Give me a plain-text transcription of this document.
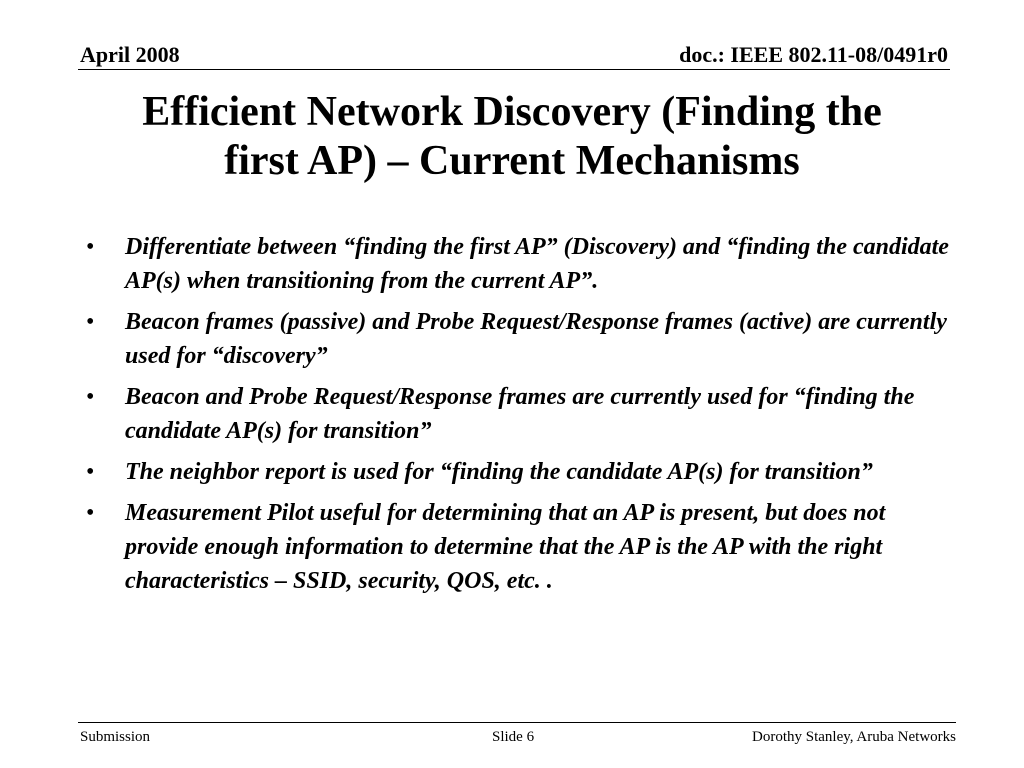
April 2008	doc.: IEEE 802.11-08/0491r0
Efficient Network Discovery (Finding the
first AP) – Current Mechanisms
• Differentiate between “finding the first AP” (Discovery) and “finding the candidate AP(s) when transitioning from the current AP”.
• Beacon frames (passive) and Probe Request/Response frames (active) are currently used for “discovery”
• Beacon and Probe Request/Response frames are currently used for “finding the candidate AP(s) for transition”
• The neighbor report is used for “finding the candidate AP(s) for transition”
• Measurement Pilot useful for determining that an AP is present, but does not provide enough information to determine that the AP is the AP with the right characteristics – SSID, security, QOS, etc. .
Submission	Slide 6	Dorothy Stanley, Aruba Networks
